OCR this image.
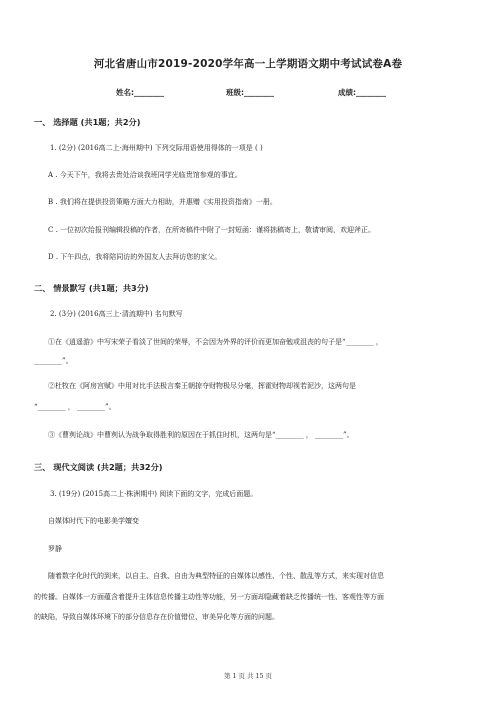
河北省唐山市2019-2020学年高一上学期语文期中考试试卷A卷
姓名:________	班级:________	成绩:________
一、 选择题 (共1题；共2分)
1. (2分) (2016高二上·海州期中) 下列交际用语使用得体的一项是 ( )
A . 今天下午，我将去贵处洽谈我班同学光临贵馆参观的事宜。
B . 我们将在提供投资策略方面大力相助，并惠赠《实用投资指南》一册。
C . 一位初次给报刊编辑投稿的作者，在所寄稿件中附了一封短函：谨将拙稿寄上，敬请审阅，欢迎斧正。
D . 下午四点，我将陪同访的外国友人去拜访您的家父。
二、 情景默写 (共1题；共3分)
2. (3分) (2016高三上·清流期中) 名句默写
①在《逍遥游》中写宋荣子看淡了世间的荣辱，不会因为外界的评价而更加奋勉或沮丧的句子是“________ ，
________”。
②杜牧在《阿房宫赋》中用对比手法极言秦王朝掠夺财物极尽分毫，挥霍财物却视若泥沙，这两句是
“________ ， ________”。
③《曹刿论战》中曹刿认为战争取得胜利的原因在于抓住时机，这两句是“________ ， ________”。
三、 现代文阅读 (共2题；共32分)
3. (19分) (2015高二上·株洲期中) 阅读下面的文字，完成后面题。
自媒体时代下的电影美学嬗变
罗静
随着数字化时代的到来，以自主、自我、自由为典型特征的自媒体以感性、个性、散乱等方式，来实现对信息
的传播。自媒体一方面蕴含着提升主体信息传播主动性等功能，另一方面却隐藏着缺乏传播统一性、客观性等方面
的缺陷，导致自媒体环境下的部分信息存在价值错位、审美异化等方面的问题。
第 1 页 共 15 页
